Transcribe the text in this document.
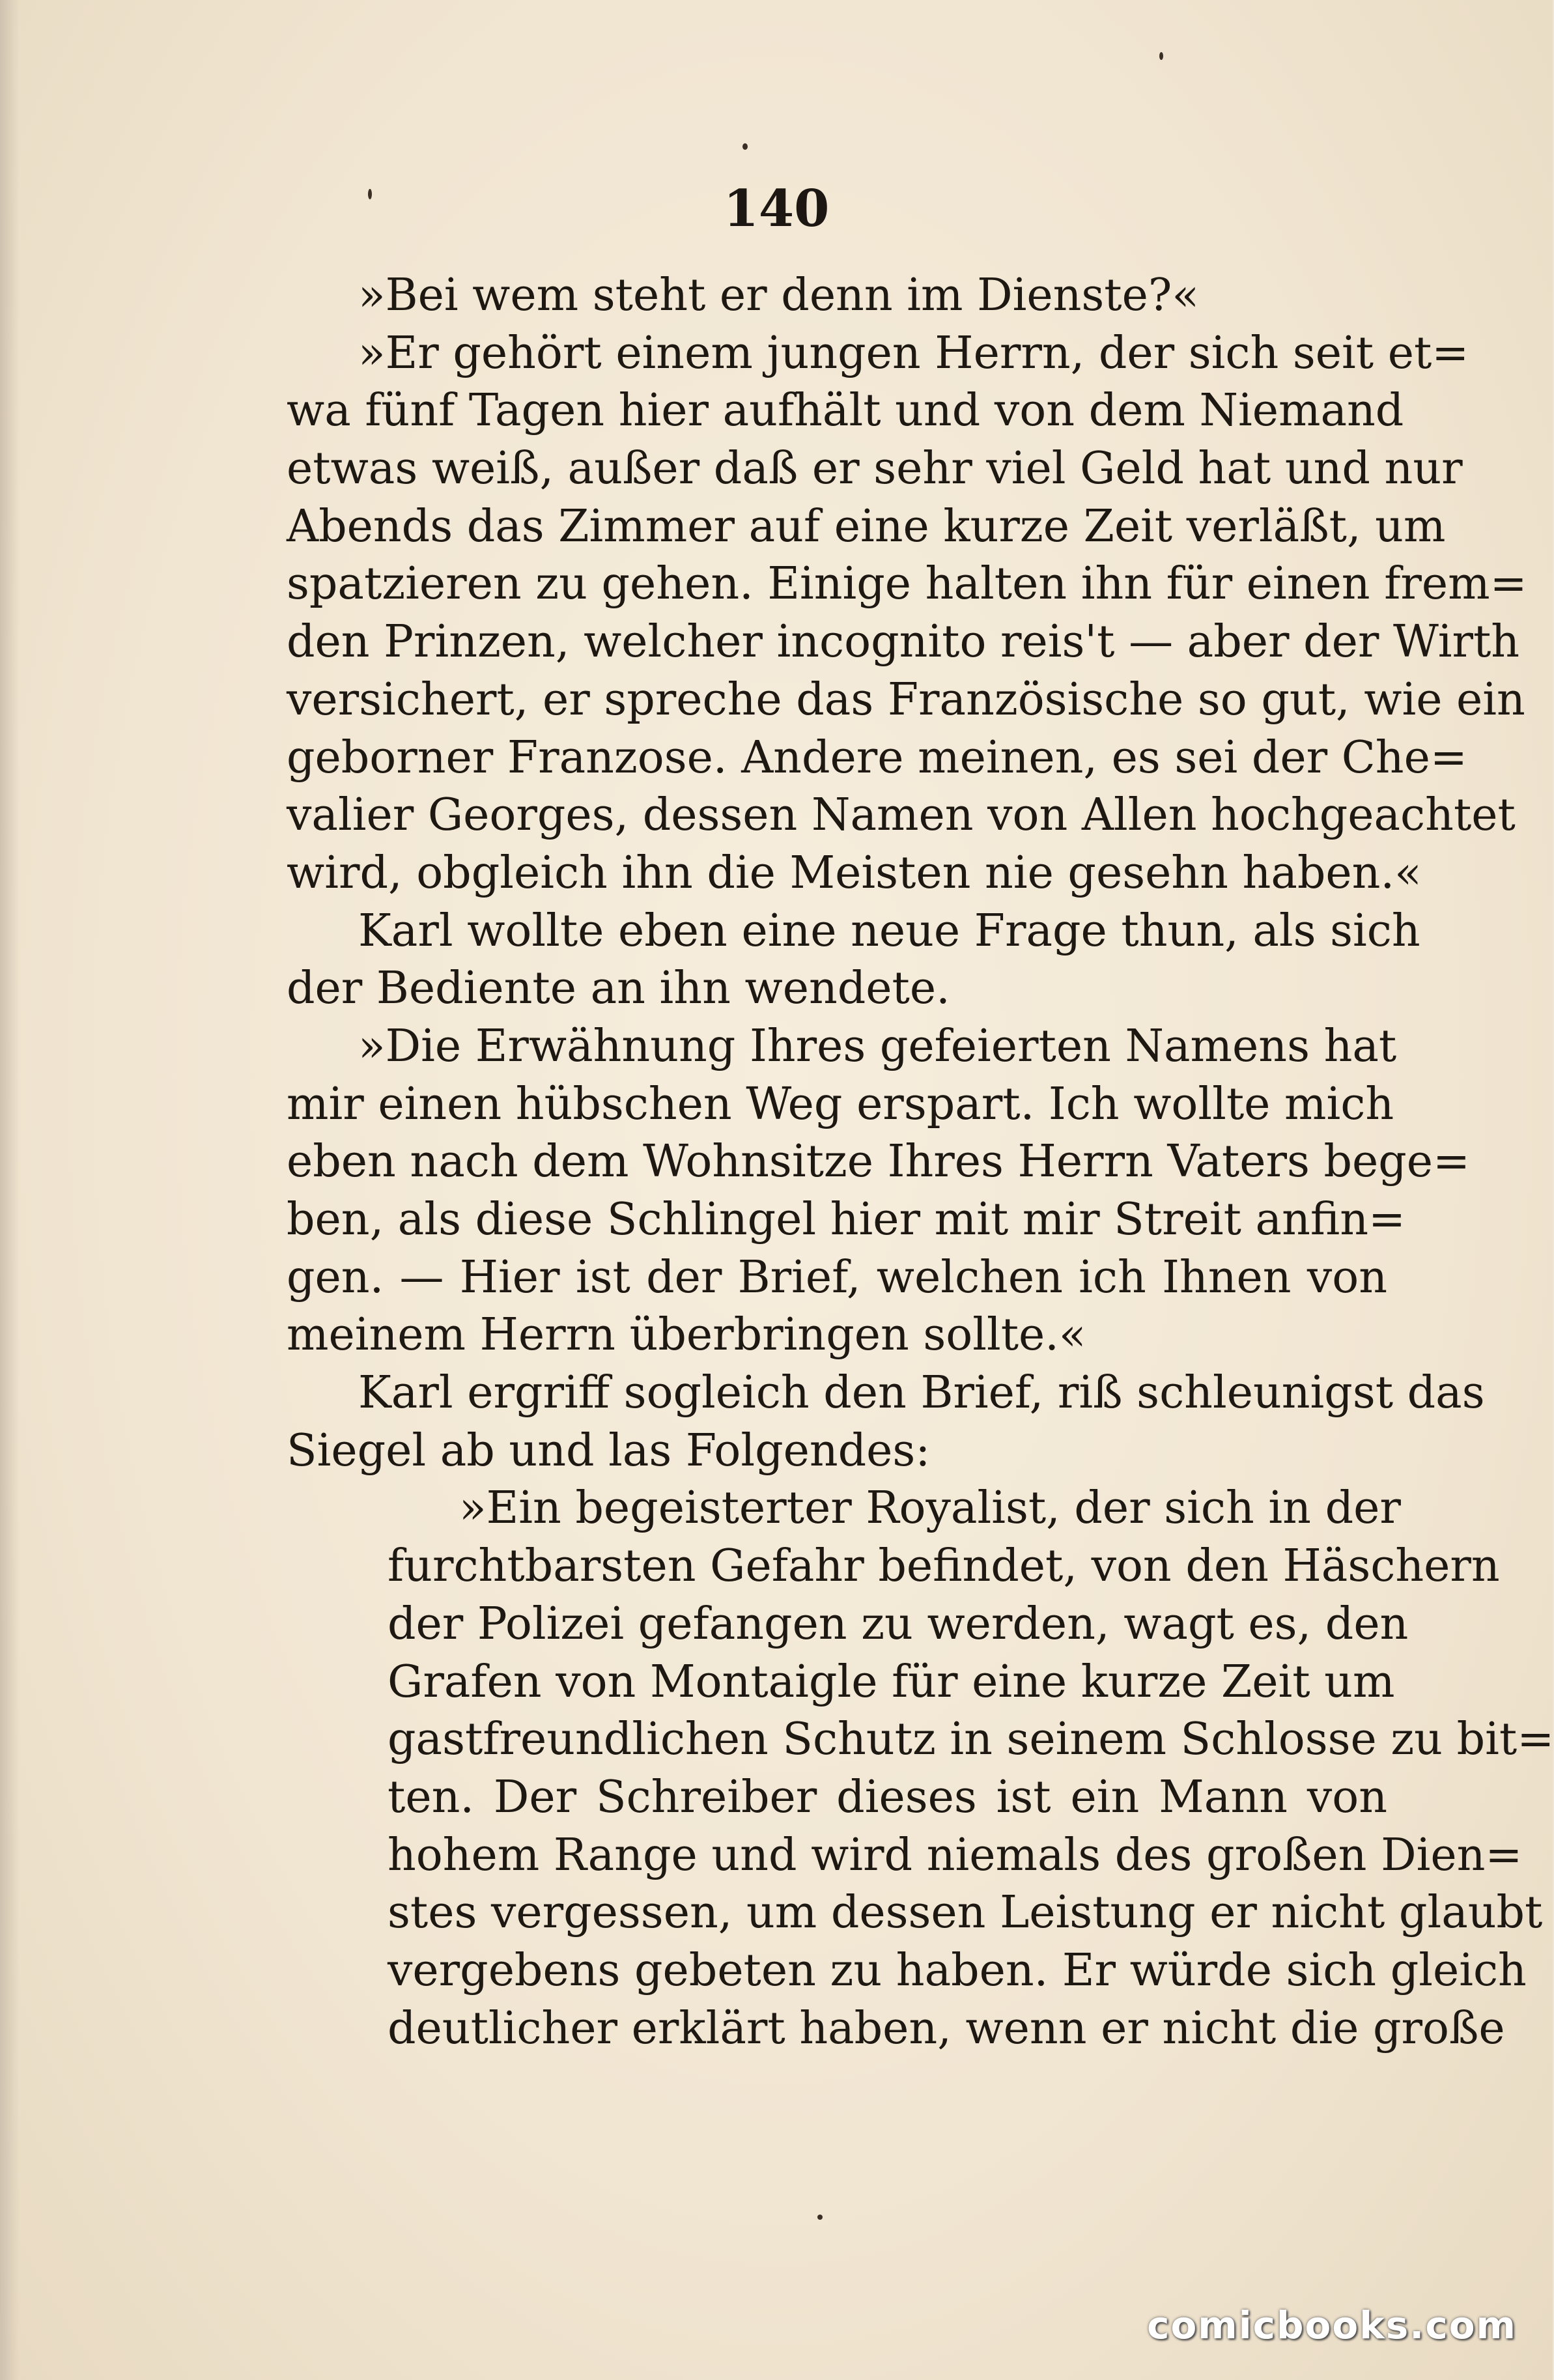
140
»Bei wem steht er denn im Dienste?«
»Er gehört einem jungen Herrn, der sich seit et=
wa fünf Tagen hier aufhält und von dem Niemand
etwas weiß, außer daß er sehr viel Geld hat und nur
Abends das Zimmer auf eine kurze Zeit verläßt, um
spatzieren zu gehen. Einige halten ihn für einen frem=
den Prinzen, welcher incognito reis't — aber der Wirth
versichert, er spreche das Französische so gut, wie ein
geborner Franzose. Andere meinen, es sei der Che=
valier Georges, dessen Namen von Allen hochgeachtet
wird, obgleich ihn die Meisten nie gesehn haben.«
Karl wollte eben eine neue Frage thun, als sich
der Bediente an ihn wendete.
»Die Erwähnung Ihres gefeierten Namens hat
mir einen hübschen Weg erspart. Ich wollte mich
eben nach dem Wohnsitze Ihres Herrn Vaters bege=
ben, als diese Schlingel hier mit mir Streit anfin=
gen. — Hier ist der Brief, welchen ich Ihnen von
meinem Herrn überbringen sollte.«
Karl ergriff sogleich den Brief, riß schleunigst das
Siegel ab und las Folgendes:
»Ein begeisterter Royalist, der sich in der
furchtbarsten Gefahr befindet, von den Häschern
der Polizei gefangen zu werden, wagt es, den
Grafen von Montaigle für eine kurze Zeit um
gastfreundlichen Schutz in seinem Schlosse zu bit=
ten. Der Schreiber dieses ist ein Mann von
hohem Range und wird niemals des großen Dien=
stes vergessen, um dessen Leistung er nicht glaubt
vergebens gebeten zu haben. Er würde sich gleich
deutlicher erklärt haben, wenn er nicht die große
comicbooks.com
